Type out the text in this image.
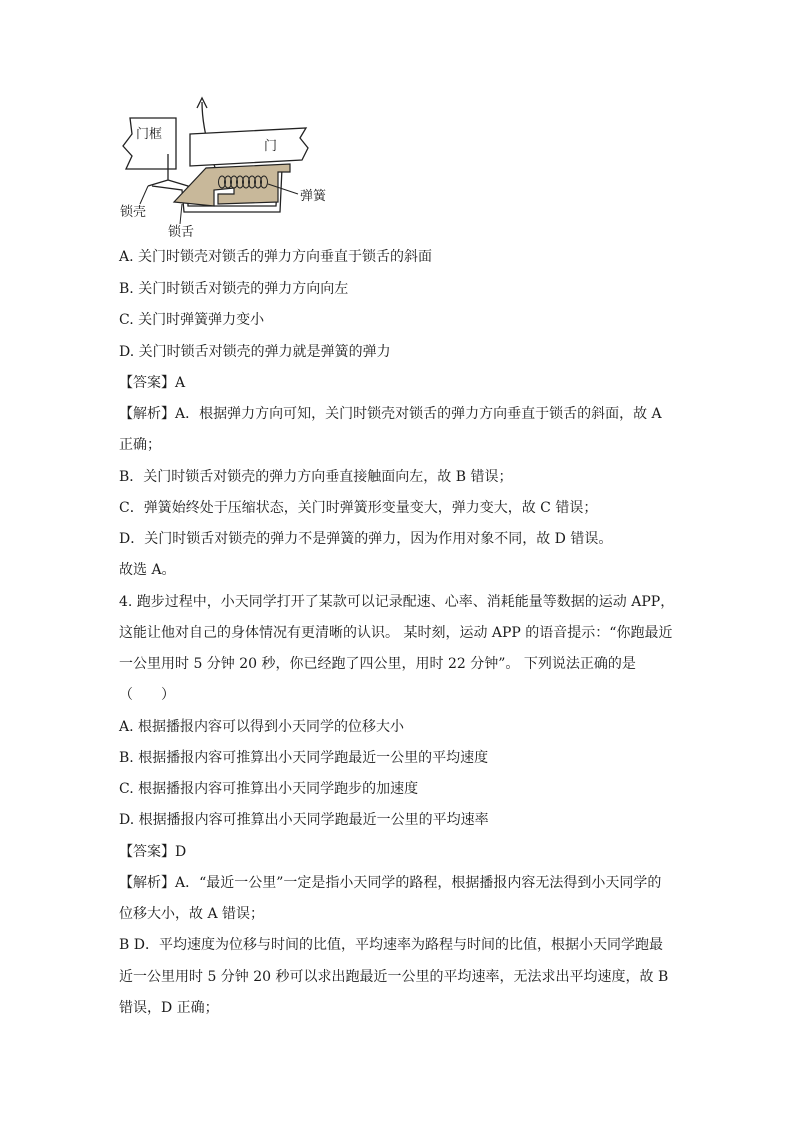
门框
门
弹簧
锁壳
锁舌
A. 关门时锁壳对锁舌的弹力方向垂直于锁舌的斜面
B. 关门时锁舌对锁壳的弹力方向向左
C. 关门时弹簧弹力变小
D. 关门时锁舌对锁壳的弹力就是弹簧的弹力
【答案】A
【解析】A．根据弹力方向可知，关门时锁壳对锁舌的弹力方向垂直于锁舌的斜面，故 A
正确；
B．关门时锁舌对锁壳的弹力方向垂直接触面向左，故 B 错误；
C．弹簧始终处于压缩状态，关门时弹簧形变量变大，弹力变大，故 C 错误；
D．关门时锁舌对锁壳的弹力不是弹簧的弹力，因为作用对象不同，故 D 错误。
故选 A。
4. 跑步过程中，小天同学打开了某款可以记录配速、心率、消耗能量等数据的运动 APP，
这能让他对自己的身体情况有更清晰的认识。 某时刻，运动 APP 的语音提示：“你跑最近
一公里用时 5 分钟 20 秒，你已经跑了四公里，用时 22 分钟”。 下列说法正确的是
（　　）
A. 根据播报内容可以得到小天同学的位移大小
B. 根据播报内容可推算出小天同学跑最近一公里的平均速度
C. 根据播报内容可推算出小天同学跑步的加速度
D. 根据播报内容可推算出小天同学跑最近一公里的平均速率
【答案】D
【解析】A．“最近一公里”一定是指小天同学的路程，根据播报内容无法得到小天同学的
位移大小，故 A 错误；
B D．平均速度为位移与时间的比值，平均速率为路程与时间的比值，根据小天同学跑最
近一公里用时 5 分钟 20 秒可以求出跑最近一公里的平均速率，无法求出平均速度，故 B
错误，D 正确；
